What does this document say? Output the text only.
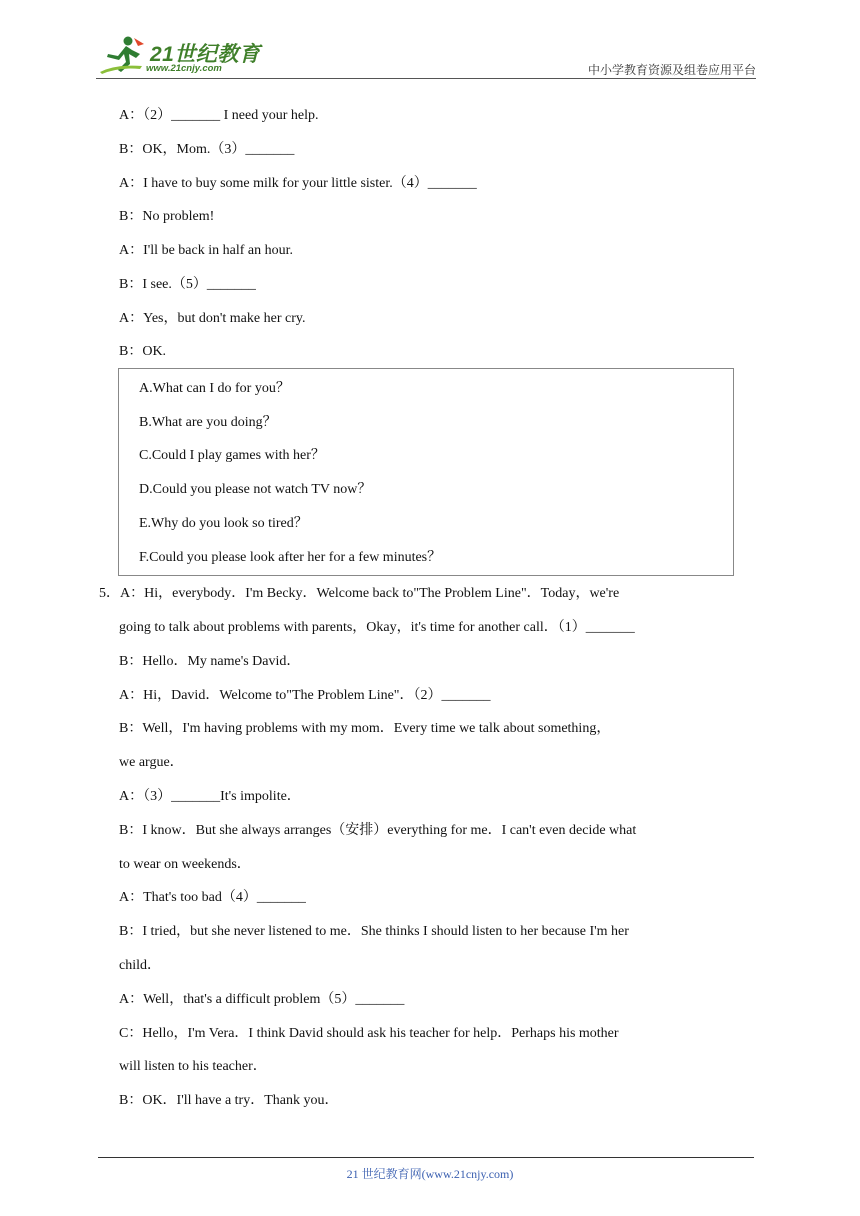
21世纪教育
www.21cnjy.com	中小学教育资源及组卷应用平台
A：（2）_______ I need your help.
B：OK，Mom.（3）_______
A：I have to buy some milk for your little sister.（4）_______
B：No problem!
A：I'll be back in half an hour.
B：I see.（5）_______
A：Yes，but don't make her cry.
B：OK.
A.What can I do for you？
B.What are you doing？
C.Could I play games with her？
D.Could you please not watch TV now？
E.Why do you look so tired？
F.Could you please look after her for a few minutes？
5．A：Hi，everybody．I'm Becky．Welcome back to"The Problem Line"．Today，we're
going to talk about problems with parents，Okay，it's time for another call．（1）_______
B：Hello．My name's David．
A：Hi，David．Welcome to"The Problem Line"．（2）_______
B：Well，I'm having problems with my mom．Every time we talk about something，
we argue．
A：（3）_______It's impolite．
B：I know．But she always arranges（安排）everything for me．I can't even decide what
to wear on weekends．
A：That's too bad（4）_______
B：I tried，but she never listened to me．She thinks I should listen to her because I'm her
child．
A：Well，that's a difficult problem（5）_______
C：Hello，I'm Vera．I think David should ask his teacher for help．Perhaps his mother
will listen to his teacher．
B：OK．I'll have a try．Thank you．
21 世纪教育网(www.21cnjy.com)
